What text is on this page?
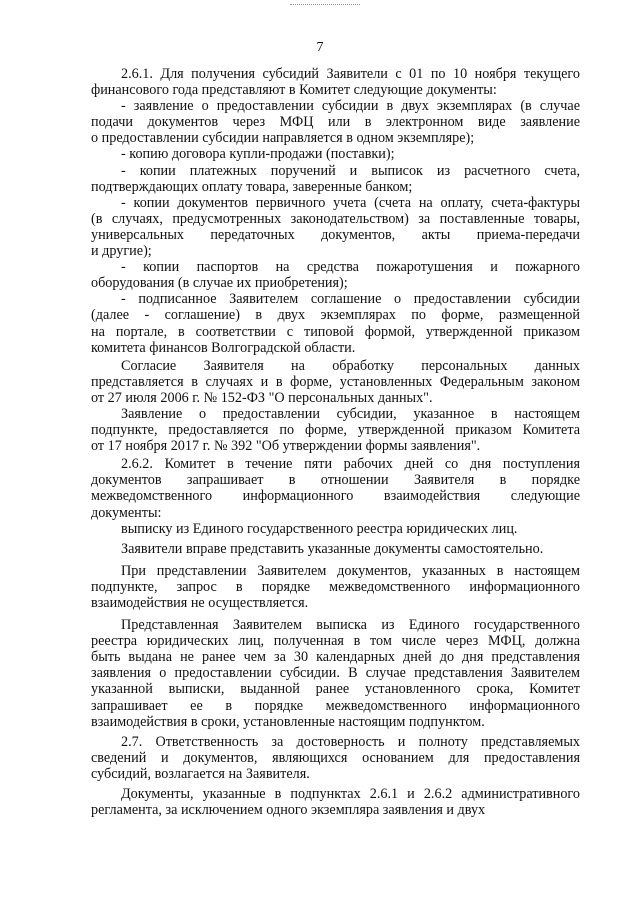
7
2.6.1. Для получения субсидий Заявители с 01 по 10 ноября текущего
финансового года представляют в Комитет следующие документы:
- заявление о предоставлении субсидии в двух экземплярах (в случае
подачи документов через МФЦ или в электронном виде заявление
о предоставлении субсидии направляется в одном экземпляре);
- копию договора купли-продажи (поставки);
- копии платежных поручений и выписок из расчетного счета,
подтверждающих оплату товара, заверенные банком;
- копии документов первичного учета (счета на оплату, счета-фактуры
(в случаях, предусмотренных законодательством) за поставленные товары,
универсальных передаточных документов, акты приема-передачи
и другие);
- копии паспортов на средства пожаротушения и пожарного
оборудования (в случае их приобретения);
- подписанное Заявителем соглашение о предоставлении субсидии
(далее - соглашение) в двух экземплярах по форме, размещенной
на портале, в соответствии с типовой формой, утвержденной приказом
комитета финансов Волгоградской области.
Согласие Заявителя на обработку персональных данных
представляется в случаях и в форме, установленных Федеральным законом
от 27 июля 2006 г. № 152-ФЗ "О персональных данных".
Заявление о предоставлении субсидии, указанное в настоящем
подпункте, предоставляется по форме, утвержденной приказом Комитета
от 17 ноября 2017 г. № 392 "Об утверждении формы заявления".
2.6.2. Комитет в течение пяти рабочих дней со дня поступления
документов запрашивает в отношении Заявителя в порядке
межведомственного информационного взаимодействия следующие
документы:
выписку из Единого государственного реестра юридических лиц.
Заявители вправе представить указанные документы самостоятельно.
При представлении Заявителем документов, указанных в настоящем
подпункте, запрос в порядке межведомственного информационного
взаимодействия не осуществляется.
Представленная Заявителем выписка из Единого государственного
реестра юридических лиц, полученная в том числе через МФЦ, должна
быть выдана не ранее чем за 30 календарных дней до дня представления
заявления о предоставлении субсидии. В случае представления Заявителем
указанной выписки, выданной ранее установленного срока, Комитет
запрашивает ее в порядке межведомственного информационного
взаимодействия в сроки, установленные настоящим подпунктом.
2.7. Ответственность за достоверность и полноту представляемых
сведений и документов, являющихся основанием для предоставления
субсидий, возлагается на Заявителя.
Документы, указанные в подпунктах 2.6.1 и 2.6.2 административного
регламента, за исключением одного экземпляра заявления и двух
